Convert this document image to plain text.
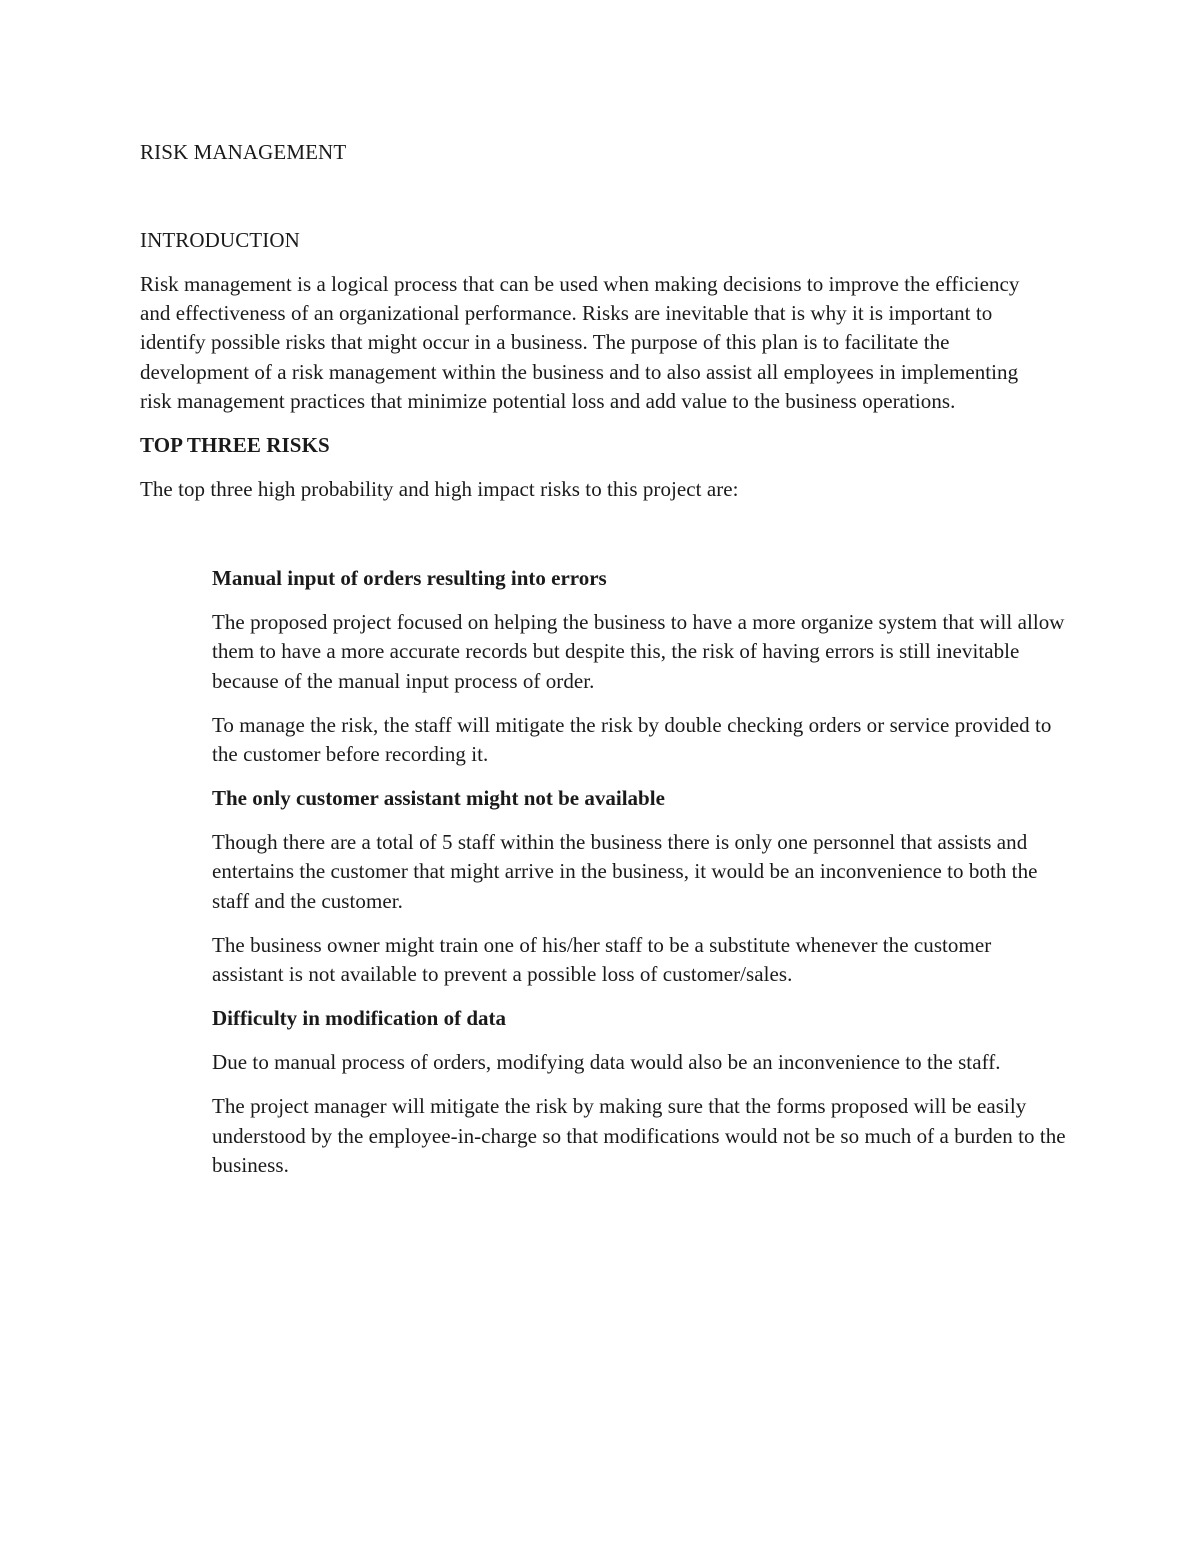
RISK MANAGEMENT
INTRODUCTION

Risk management is a logical process that can be used when making decisions to improve the efficiency and effectiveness of an organizational performance. Risks are inevitable that is why it is important to identify possible risks that might occur in a business. The purpose of this plan is to facilitate the development of a risk management within the business and to also assist all employees in implementing risk management practices that minimize potential loss and add value to the business operations.

TOP THREE RISKS

The top three high probability and high impact risks to this project are:

Manual input of orders resulting into errors

The proposed project focused on helping the business to have a more organize system that will allow them to have a more accurate records but despite this, the risk of having errors is still inevitable because of the manual input process of order.

To manage the risk, the staff will mitigate the risk by double checking orders or service provided to the customer before recording it.

The only customer assistant might not be available

Though there are a total of 5 staff within the business there is only one personnel that assists and entertains the customer that might arrive in the business, it would be an inconvenience to both the staff and the customer.

The business owner might train one of his/her staff to be a substitute whenever the customer assistant is not available to prevent a possible loss of customer/sales.

Difficulty in modification of data

Due to manual process of orders, modifying data would also be an inconvenience to the staff.

The project manager will mitigate the risk by making sure that the forms proposed will be easily understood by the employee-in-charge so that modifications would not be so much of a burden to the business.
